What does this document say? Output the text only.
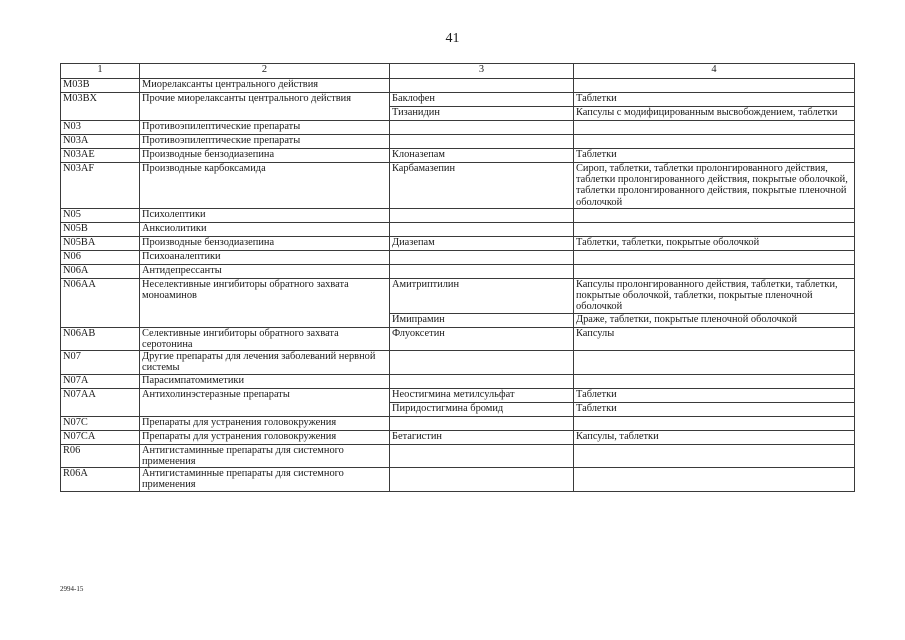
41
1	2	3	4
M03B	Миорелаксанты центрального действия		
M03BX	Прочие миорелаксанты центрального действия	Баклофен	Таблетки
		Тизанидин	Капсулы с модифицированным высвобождением, таблетки
N03	Противоэпилептические препараты		
N03A	Противоэпилептические препараты		
N03AE	Производные бензодиазепина	Клоназепам	Таблетки
N03AF	Производные карбоксамида	Карбамазепин	Сироп, таблетки, таблетки пролонгированного действия, таблетки пролонгированного действия, покрытые оболочкой, таблетки пролонгированного действия, покрытые пленочной оболочкой
N05	Психолептики		
N05B	Анксиолитики		
N05BA	Производные бензодиазепина	Диазепам	Таблетки, таблетки, покрытые оболочкой
N06	Психоаналептики		
N06A	Антидепрессанты		
N06AA	Неселективные ингибиторы обратного захвата моноаминов	Амитриптилин	Капсулы пролонгированного действия, таблетки, таблетки, покрытые оболочкой, таблетки, покрытые пленочной оболочкой
		Имипрамин	Драже, таблетки, покрытые пленочной оболочкой
N06AB	Селективные ингибиторы обратного захвата серотонина	Флуоксетин	Капсулы
N07	Другие препараты для лечения заболеваний нервной системы		
N07A	Парасимпатомиметики		
N07AA	Антихолинэстеразные препараты	Неостигмина метилсульфат	Таблетки
		Пиридостигмина бромид	Таблетки
N07C	Препараты для устранения головокружения		
N07CA	Препараты для устранения головокружения	Бетагистин	Капсулы, таблетки
R06	Антигистаминные препараты для системного применения		
R06A	Антигистаминные препараты для системного применения		
2994-15
